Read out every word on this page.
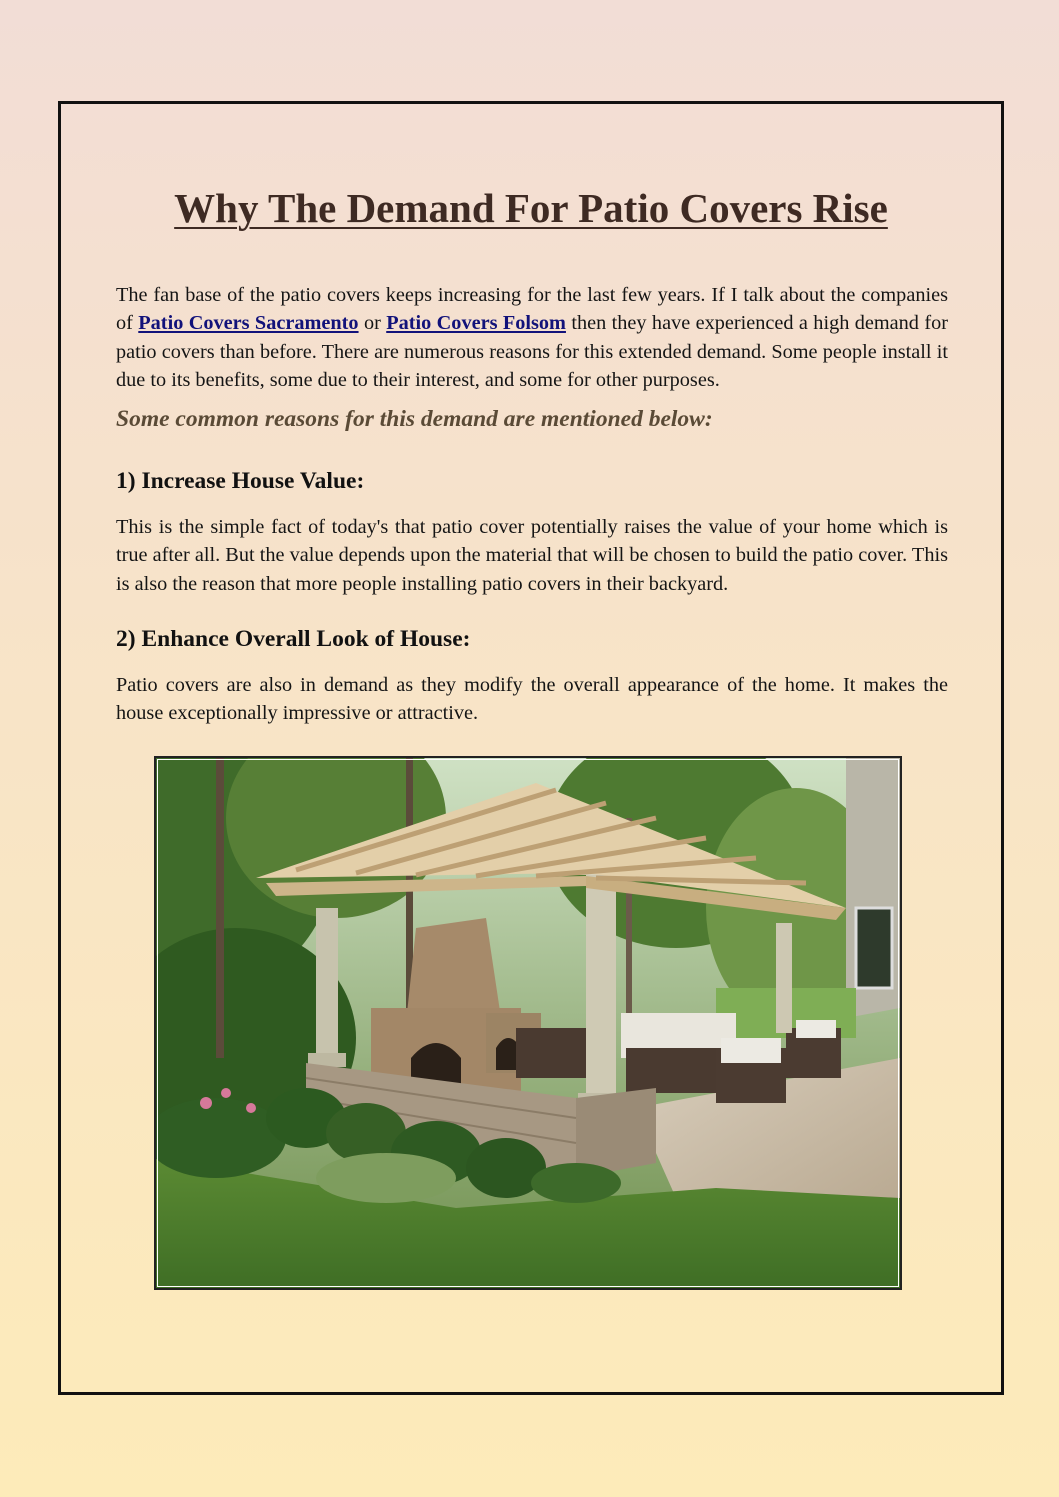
Why The Demand For Patio Covers Rise

The fan base of the patio covers keeps increasing for the last few years. If I talk about the companies of Patio Covers Sacramento or Patio Covers Folsom then they have experienced a high demand for patio covers than before. There are numerous reasons for this extended demand. Some people install it due to its benefits, some due to their interest, and some for other purposes.

Some common reasons for this demand are mentioned below:
1) Increase House Value:

This is the simple fact of today's that patio cover potentially raises the value of your home which is true after all. But the value depends upon the material that will be chosen to build the patio cover. This is also the reason that more people installing patio covers in their backyard.

2) Enhance Overall Look of House:

Patio covers are also in demand as they modify the overall appearance of the home. It makes the house exceptionally impressive or attractive.
